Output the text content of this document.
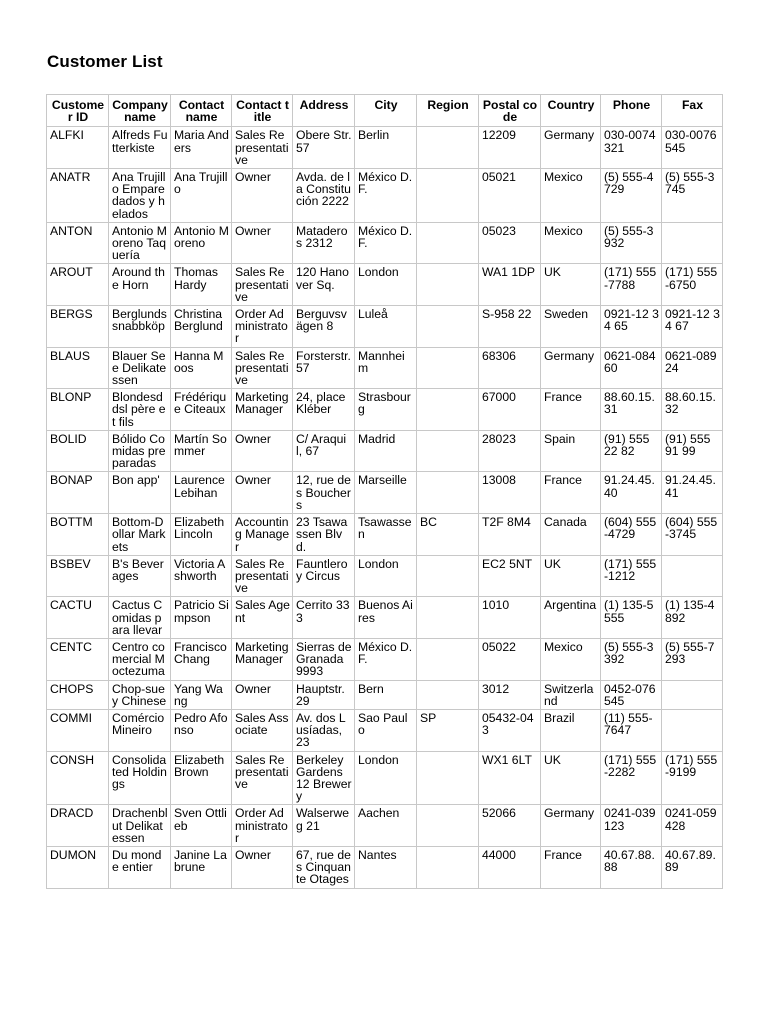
Customer List
Customer ID	Company name	Contact name	Contact title	Address	City	Region	Postal code	Country	Phone	Fax
ALFKI	Alfreds Futterkiste	Maria Anders	Sales Representative	Obere Str. 57	Berlin		12209	Germany	030-0074321	030-0076545
ANATR	Ana Trujillo Emparedados y helados	Ana Trujillo	Owner	Avda. de la Constitución 2222	México D.F.		05021	Mexico	(5) 555-4729	(5) 555-3745
ANTON	Antonio Moreno Taquería	Antonio Moreno	Owner	Mataderos 2312	México D.F.		05023	Mexico	(5) 555-3932	
AROUT	Around the Horn	Thomas Hardy	Sales Representative	120 Hanover Sq.	London		WA1 1DP	UK	(171) 555-7788	(171) 555-6750
BERGS	Berglunds snabbköp	Christina Berglund	Order Administrator	Berguvsvägen 8	Luleå		S-958 22	Sweden	0921-12 34 65	0921-12 34 67
BLAUS	Blauer See Delikatessen	Hanna Moos	Sales Representative	Forsterstr. 57	Mannheim		68306	Germany	0621-08460	0621-08924
BLONP	Blondesddsl père et fils	Frédérique Citeaux	Marketing Manager	24, place Kléber	Strasbourg		67000	France	88.60.15.31	88.60.15.32
BOLID	Bólido Comidas preparadas	Martín Sommer	Owner	C/ Araquil, 67	Madrid		28023	Spain	(91) 555 22 82	(91) 555 91 99
BONAP	Bon app'	Laurence Lebihan	Owner	12, rue des Bouchers	Marseille		13008	France	91.24.45.40	91.24.45.41
BOTTM	Bottom-Dollar Markets	Elizabeth Lincoln	Accounting Manager	23 Tsawassen Blvd.	Tsawassen	BC	T2F 8M4	Canada	(604) 555-4729	(604) 555-3745
BSBEV	B's Beverages	Victoria Ashworth	Sales Representative	Fauntleroy Circus	London		EC2 5NT	UK	(171) 555-1212	
CACTU	Cactus Comidas para llevar	Patricio Simpson	Sales Agent	Cerrito 333	Buenos Aires		1010	Argentina	(1) 135-5555	(1) 135-4892
CENTC	Centro comercial Moctezuma	Francisco Chang	Marketing Manager	Sierras de Granada 9993	México D.F.		05022	Mexico	(5) 555-3392	(5) 555-7293
CHOPS	Chop-suey Chinese	Yang Wang	Owner	Hauptstr. 29	Bern		3012	Switzerland	0452-076545	
COMMI	Comércio Mineiro	Pedro Afonso	Sales Associate	Av. dos Lusíadas, 23	Sao Paulo	SP	05432-043	Brazil	(11) 555-7647	
CONSH	Consolidated Holdings	Elizabeth Brown	Sales Representative	Berkeley Gardens 12 Brewery	London		WX1 6LT	UK	(171) 555-2282	(171) 555-9199
DRACD	Drachenblut Delikatessen	Sven Ottlieb	Order Administrator	Walserweg 21	Aachen		52066	Germany	0241-039123	0241-059428
DUMON	Du monde entier	Janine Labrune	Owner	67, rue des Cinquante Otages	Nantes		44000	France	40.67.88.88	40.67.89.89
